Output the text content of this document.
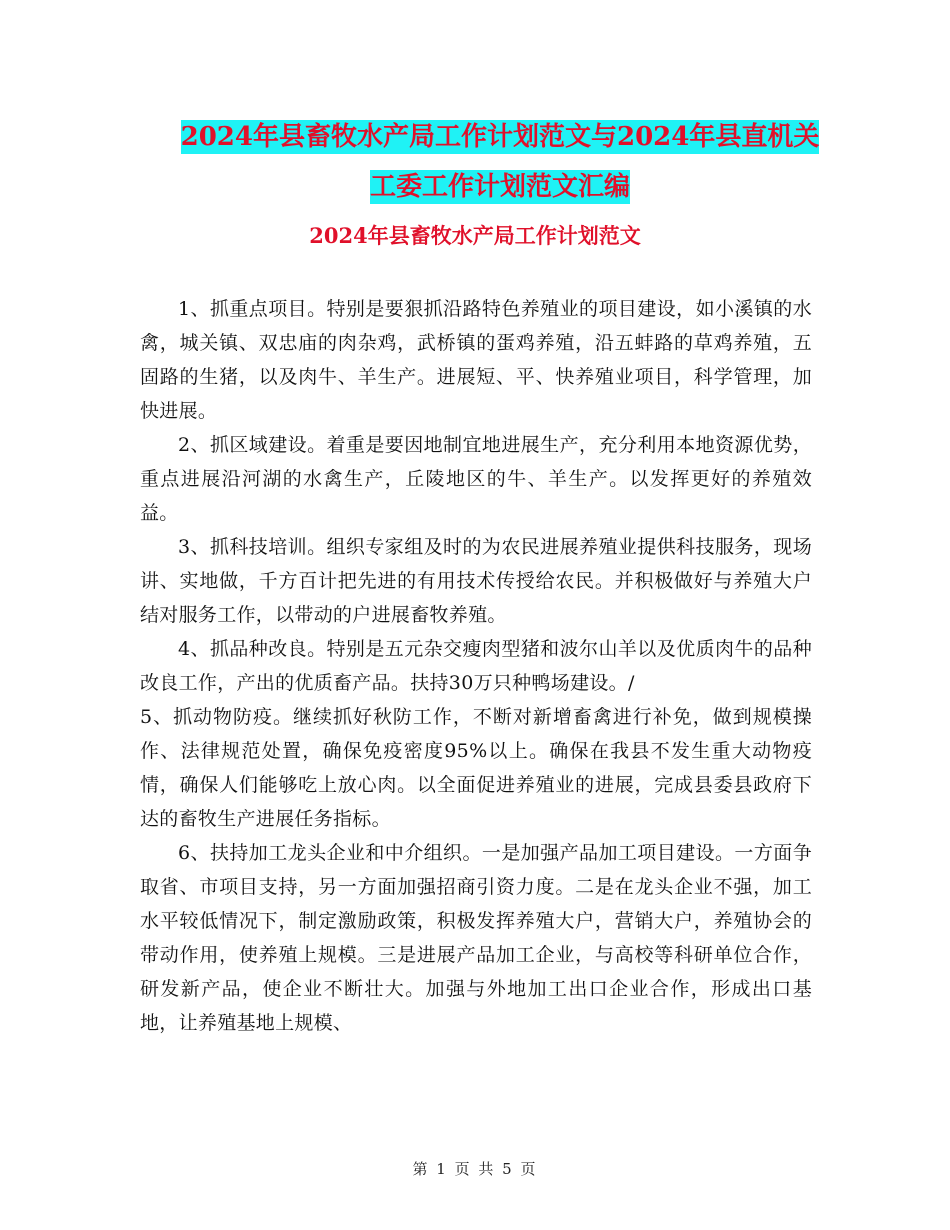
2024年县畜牧水产局工作计划范文与2024年县直机关
工委工作计划范文汇编
2024年县畜牧水产局工作计划范文

1、抓重点项目。特别是要狠抓沿路特色养殖业的项目建设，如小溪镇的水禽，城关镇、双忠庙的肉杂鸡，武桥镇的蛋鸡养殖，沿五蚌路的草鸡养殖，五固路的生猪，以及肉牛、羊生产。进展短、平、快养殖业项目，科学管理，加快进展。

2、抓区域建设。着重是要因地制宜地进展生产，充分利用本地资源优势，重点进展沿河湖的水禽生产，丘陵地区的牛、羊生产。以发挥更好的养殖效益。

3、抓科技培训。组织专家组及时的为农民进展养殖业提供科技服务，现场讲、实地做，千方百计把先进的有用技术传授给农民。并积极做好与养殖大户结对服务工作，以带动的户进展畜牧养殖。

4、抓品种改良。特别是五元杂交瘦肉型猪和波尔山羊以及优质肉牛的品种改良工作，产出的优质畜产品。扶持30万只种鸭场建设。/

5、抓动物防疫。继续抓好秋防工作，不断对新增畜禽进行补免，做到规模操作、法律规范处置，确保免疫密度95%以上。确保在我县不发生重大动物疫情，确保人们能够吃上放心肉。以全面促进养殖业的进展，完成县委县政府下达的畜牧生产进展任务指标。

6、扶持加工龙头企业和中介组织。一是加强产品加工项目建设。一方面争取省、市项目支持，另一方面加强招商引资力度。二是在龙头企业不强，加工水平较低情况下，制定激励政策，积极发挥养殖大户，营销大户，养殖协会的带动作用，使养殖上规模。三是进展产品加工企业，与高校等科研单位合作，研发新产品，使企业不断壮大。加强与外地加工出口企业合作，形成出口基地，让养殖基地上规模、

第 1 页 共 5 页
